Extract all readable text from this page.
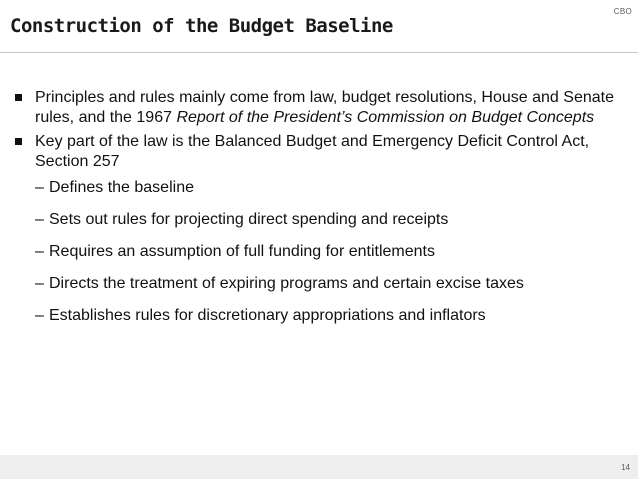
CBO
Construction of the Budget Baseline
Principles and rules mainly come from law, budget resolutions, House and Senate rules, and the 1967 Report of the President’s Commission on Budget Concepts
Key part of the law is the Balanced Budget and Emergency Deficit Control Act, Section 257
– Defines the baseline
– Sets out rules for projecting direct spending and receipts
– Requires an assumption of full funding for entitlements
– Directs the treatment of expiring programs and certain excise taxes
– Establishes rules for discretionary appropriations and inflators
14
